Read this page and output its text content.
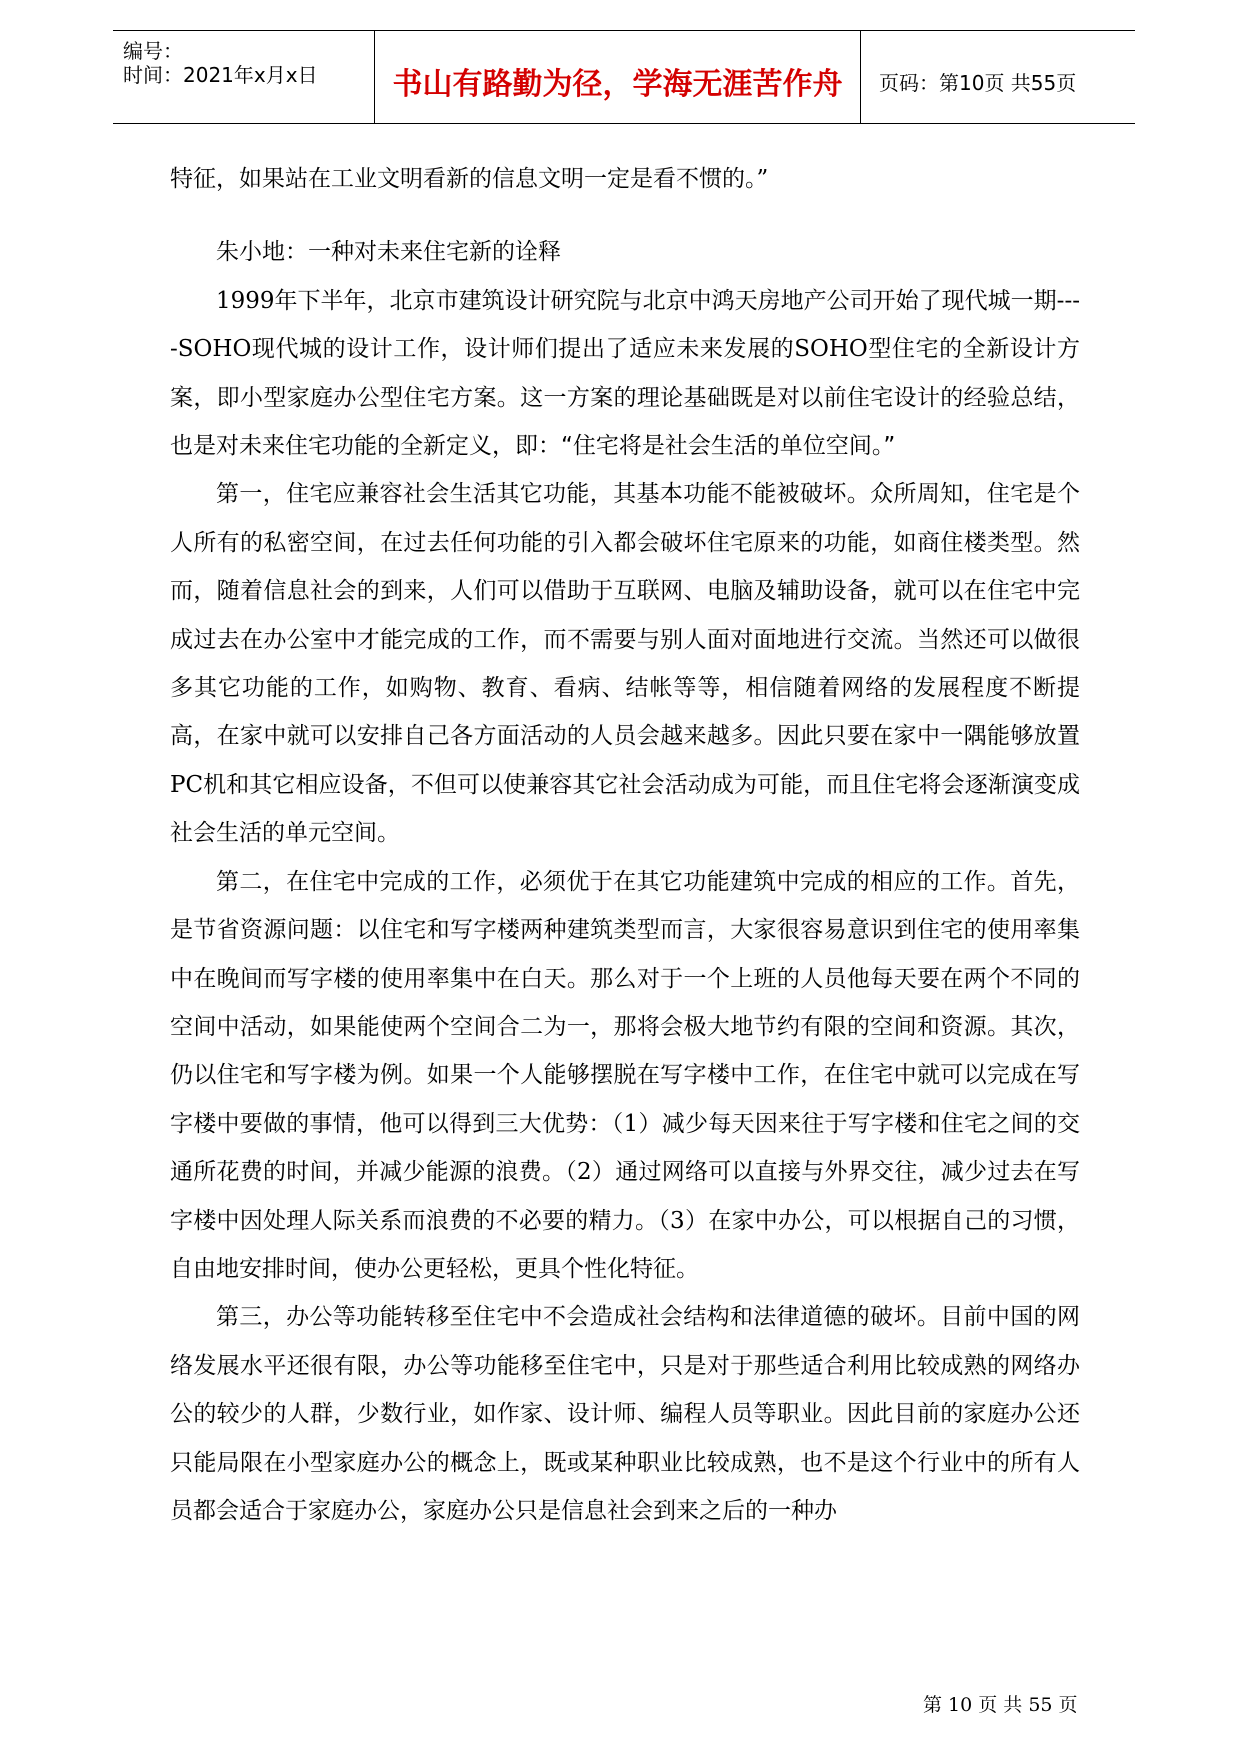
编号：
时间：2021年x月x日	书山有路勤为径，学海无涯苦作舟	页码：第10页 共55页

特征，如果站在工业文明看新的信息文明一定是看不惯的。”

朱小地：一种对未来住宅新的诠释

1999年下半年，北京市建筑设计研究院与北京中鸿天房地产公司开始了现代城一期----SOHO现代城的设计工作，设计师们提出了适应未来发展的SOHO型住宅的全新设计方案，即小型家庭办公型住宅方案。这一方案的理论基础既是对以前住宅设计的经验总结，也是对未来住宅功能的全新定义，即：“住宅将是社会生活的单位空间。”

第一，住宅应兼容社会生活其它功能，其基本功能不能被破坏。众所周知，住宅是个人所有的私密空间，在过去任何功能的引入都会破坏住宅原来的功能，如商住楼类型。然而，随着信息社会的到来，人们可以借助于互联网、电脑及辅助设备，就可以在住宅中完成过去在办公室中才能完成的工作，而不需要与别人面对面地进行交流。当然还可以做很多其它功能的工作，如购物、教育、看病、结帐等等，相信随着网络的发展程度不断提高，在家中就可以安排自己各方面活动的人员会越来越多。因此只要在家中一隅能够放置PC机和其它相应设备，不但可以使兼容其它社会活动成为可能，而且住宅将会逐渐演变成社会生活的单元空间。

第二，在住宅中完成的工作，必须优于在其它功能建筑中完成的相应的工作。首先，是节省资源问题：以住宅和写字楼两种建筑类型而言，大家很容易意识到住宅的使用率集中在晚间而写字楼的使用率集中在白天。那么对于一个上班的人员他每天要在两个不同的空间中活动，如果能使两个空间合二为一，那将会极大地节约有限的空间和资源。其次，仍以住宅和写字楼为例。如果一个人能够摆脱在写字楼中工作，在住宅中就可以完成在写字楼中要做的事情，他可以得到三大优势：（1）减少每天因来往于写字楼和住宅之间的交通所花费的时间，并减少能源的浪费。（2）通过网络可以直接与外界交往，减少过去在写字楼中因处理人际关系而浪费的不必要的精力。（3）在家中办公，可以根据自己的习惯，自由地安排时间，使办公更轻松，更具个性化特征。

第三，办公等功能转移至住宅中不会造成社会结构和法律道德的破坏。目前中国的网络发展水平还很有限，办公等功能移至住宅中，只是对于那些适合利用比较成熟的网络办公的较少的人群，少数行业，如作家、设计师、编程人员等职业。因此目前的家庭办公还只能局限在小型家庭办公的概念上，既或某种职业比较成熟，也不是这个行业中的所有人员都会适合于家庭办公，家庭办公只是信息社会到来之后的一种办

第 10 页 共 55 页
